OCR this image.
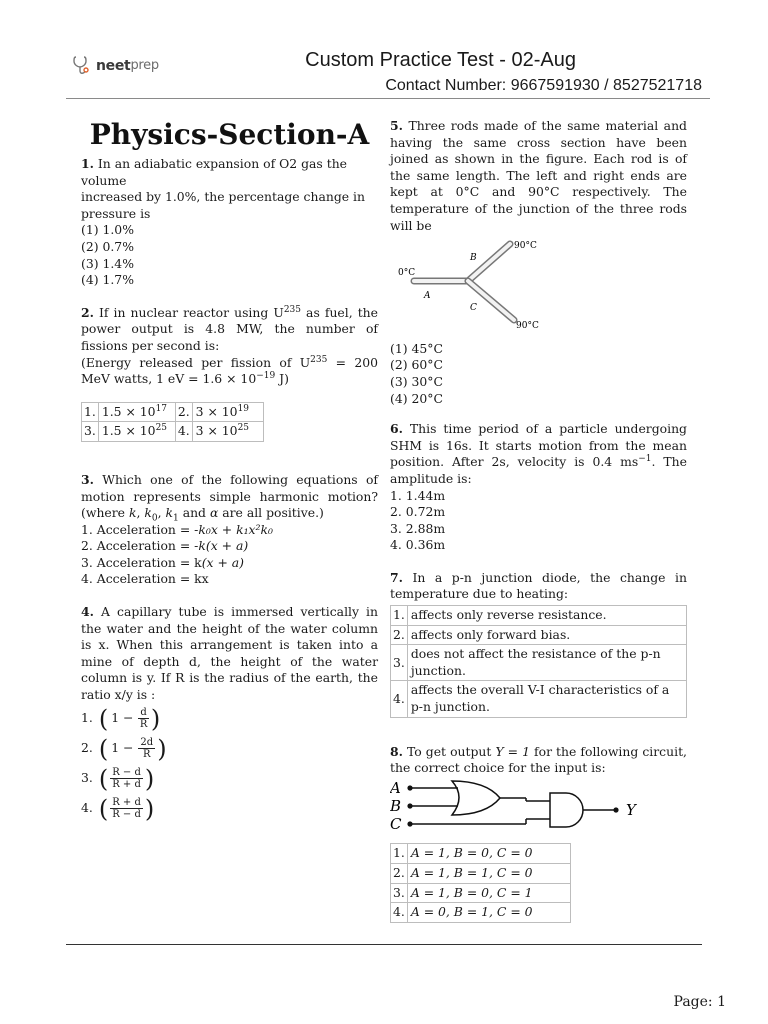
neet prep	Custom Practice Test - 02-Aug
Contact Number: 9667591930 / 8527521718
Physics-Section-A
1. In an adiabatic expansion of O2 gas the volume
increased by 1.0%, the percentage change in pressure is
(1) 1.0%
(2) 0.7%
(3) 1.4%
(4) 1.7%
2. If in nuclear reactor using $U^{235}$ as fuel, the power output is 4.8 MW, the number of fissions per second is:
(Energy released per fission of $U^{235} = 200$ MeV watts, 1 eV = $1.6 \times 10^{-19}$ J)
1.	$1.5 \times 10^{17}$	2.	$3 \times 10^{19}$
3.	$1.5 \times 10^{25}$	4.	$3 \times 10^{25}$
3. Which one of the following equations of motion represents simple harmonic motion? (where k, $k_0$, $k_1$ and α are all positive.)
1. Acceleration = -k₀x + k₁x²k₀
2. Acceleration = -k(x + a)
3. Acceleration = k(x + a)
4. Acceleration = kx
4. A capillary tube is immersed vertically in the water and the height of the water column is x. When this arrangement is taken into a mine of depth d, the height of the water column is y. If R is the radius of the earth, the ratio x/y is :
1. ( $1 - \frac{d}{R}$ )
2. ( $1 - \frac{2d}{R}$ )
3. ( $\frac{R - d}{R + d}$ )
4. ( $\frac{R + d}{R - d}$ )
5. Three rods made of the same material and having the same cross section have been joined as shown in the figure. Each rod is of the same length. The left and right ends are kept at 0°C and 90°C respectively. The temperature of the junction of the three rods will be
0°C
90°C
90°C
A
B
C
(1) 45°C
(2) 60°C
(3) 30°C
(4) 20°C
6. This time period of a particle undergoing SHM is 16s. It starts motion from the mean position. After 2s, velocity is 0.4 $ms^{-1}$. The amplitude is:
1. 1.44m
2. 0.72m
3. 2.88m
4. 0.36m
7. In a p-n junction diode, the change in temperature due to heating:
1.	affects only reverse resistance.
2.	affects only forward bias.
3.	does not affect the resistance of the p-n junction.
4.	affects the overall V-I characteristics of a p-n junction.
8. To get output Y = 1 for the following circuit, the correct choice for the input is:
A
B
C
Y
1.	A = 1, B = 0, C = 0
2.	A = 1, B = 1, C = 0
3.	A = 1, B = 0, C = 1
4.	A = 0, B = 1, C = 0
Page: 1
